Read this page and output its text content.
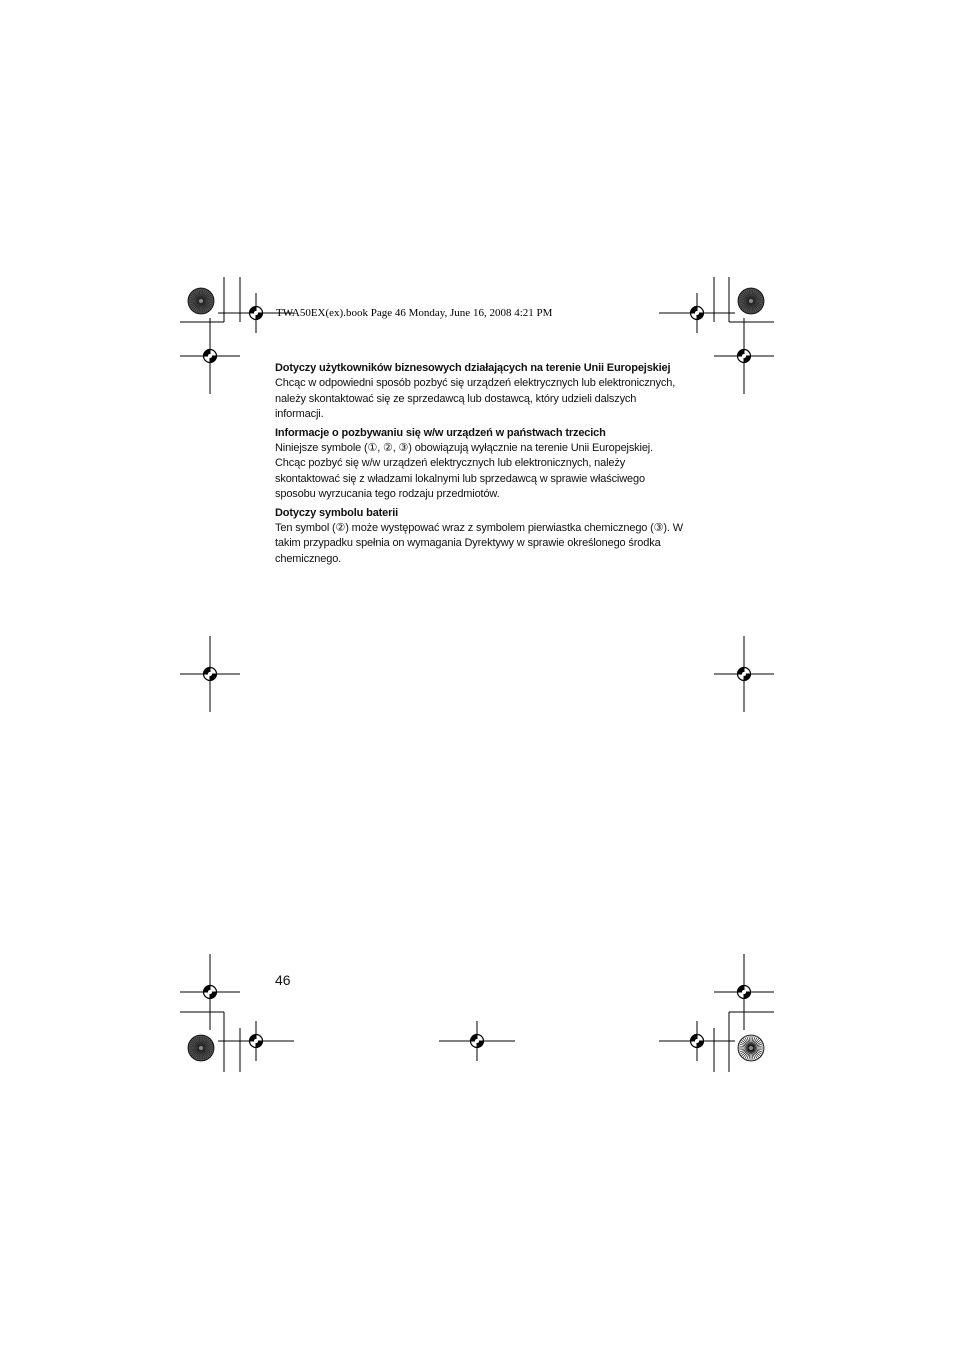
TWA50EX(ex).book Page 46 Monday, June 16, 2008 4:21 PM
Dotyczy użytkowników biznesowych działających na terenie Unii Europejskiej
Chcąc w odpowiedni sposób pozbyć się urządzeń elektrycznych lub elektronicznych, należy skontaktować się ze sprzedawcą lub dostawcą, który udzieli dalszych informacji.
Informacje o pozbywaniu się w/w urządzeń w państwach trzecich
Niniejsze symbole (①, ②, ③) obowiązują wyłącznie na terenie Unii Europejskiej. Chcąc pozbyć się w/w urządzeń elektrycznych lub elektronicznych, należy skontaktować się z władzami lokalnymi lub sprzedawcą w sprawie właściwego sposobu wyrzucania tego rodzaju przedmiotów.
Dotyczy symbolu baterii
Ten symbol (②) może występować wraz z symbolem pierwiastka chemicznego (③). W takim przypadku spełnia on wymagania Dyrektywy w sprawie określonego środka chemicznego.
46
